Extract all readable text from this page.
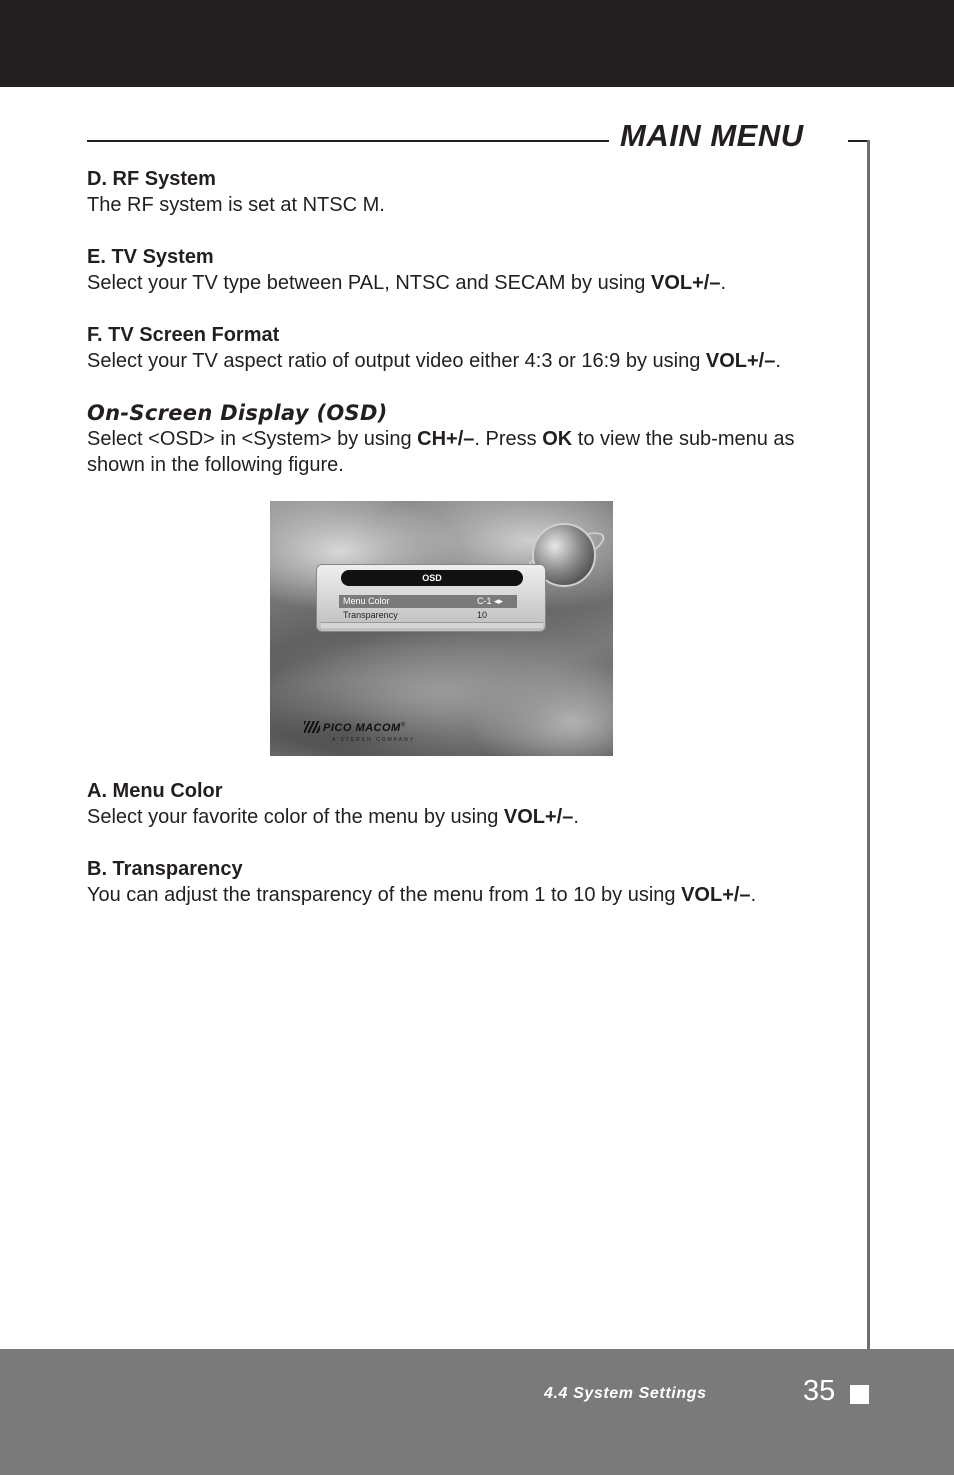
MAIN MENU
D. RF System
The RF system is set at NTSC M.
E. TV System
Select your TV type between PAL, NTSC and SECAM by using VOL+/–.
F. TV Screen Format
Select your TV aspect ratio of output video either 4:3 or 16:9 by using VOL+/–.
On-Screen Display (OSD)
Select <OSD> in <System> by using CH+/–. Press OK to view the sub-menu as shown in the following figure.
A. Menu Color
Select your favorite color of the menu by using VOL+/–.
B. Transparency
You can adjust the transparency of the menu from 1 to 10 by using VOL+/–.
OSD
Menu Color	C-1 ◂▸
Transparency	10
PICO MACOM®
A STEREN COMPANY
4.4 System Settings	35
